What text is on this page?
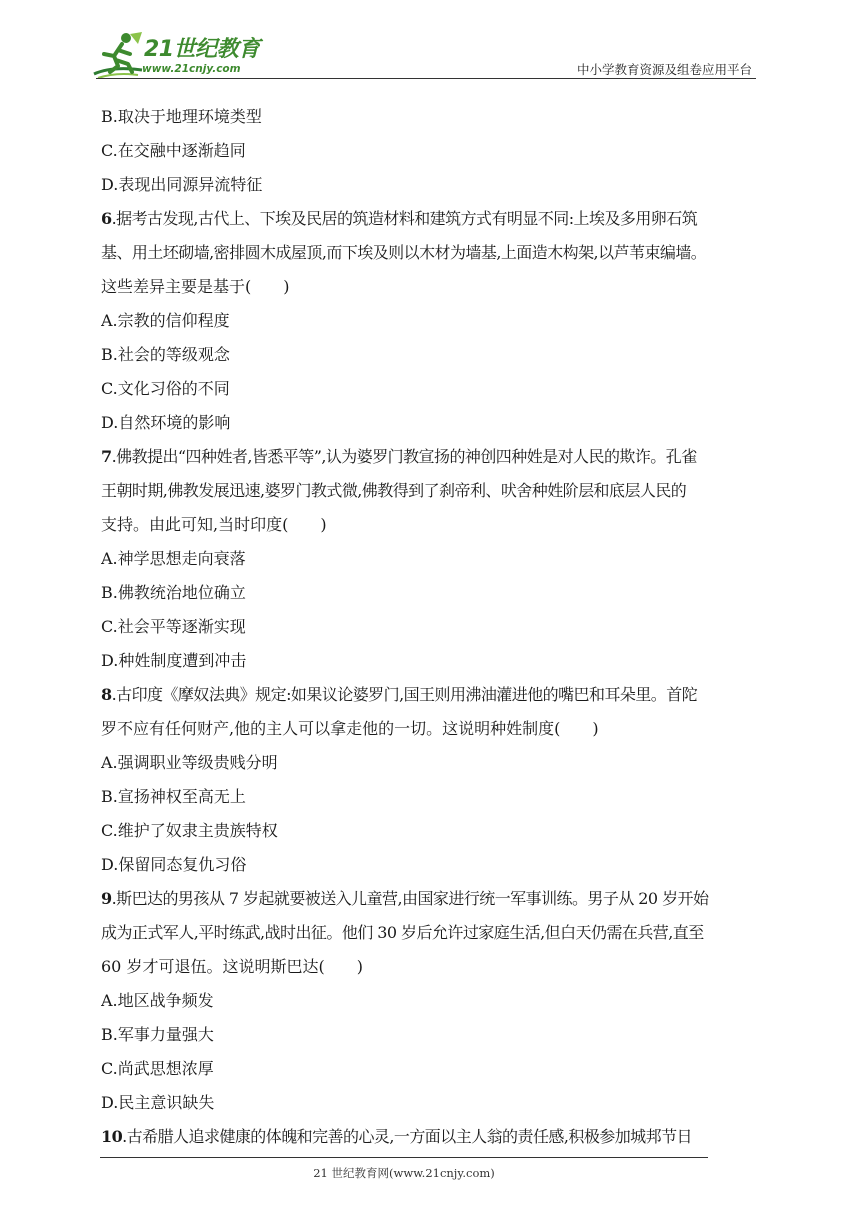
21世纪教育
www.21cnjy.com	中小学教育资源及组卷应用平台
B.取决于地理环境类型
C.在交融中逐渐趋同
D.表现出同源异流特征
6.据考古发现,古代上、下埃及民居的筑造材料和建筑方式有明显不同:上埃及多用卵石筑
基、用土坯砌墙,密排圆木成屋顶,而下埃及则以木材为墙基,上面造木构架,以芦苇束编墙。
这些差异主要是基于(　　)
A.宗教的信仰程度
B.社会的等级观念
C.文化习俗的不同
D.自然环境的影响
7.佛教提出“四种姓者,皆悉平等”,认为婆罗门教宣扬的神创四种姓是对人民的欺诈。孔雀
王朝时期,佛教发展迅速,婆罗门教式微,佛教得到了刹帝利、吠舍种姓阶层和底层人民的
支持。由此可知,当时印度(　　)
A.神学思想走向衰落
B.佛教统治地位确立
C.社会平等逐渐实现
D.种姓制度遭到冲击
8.古印度《摩奴法典》规定:如果议论婆罗门,国王则用沸油灌进他的嘴巴和耳朵里。首陀
罗不应有任何财产,他的主人可以拿走他的一切。这说明种姓制度(　　)
A.强调职业等级贵贱分明
B.宣扬神权至高无上
C.维护了奴隶主贵族特权
D.保留同态复仇习俗
9.斯巴达的男孩从 7 岁起就要被送入儿童营,由国家进行统一军事训练。男子从 20 岁开始
成为正式军人,平时练武,战时出征。他们 30 岁后允许过家庭生活,但白天仍需在兵营,直至
60 岁才可退伍。这说明斯巴达(　　)
A.地区战争频发
B.军事力量强大
C.尚武思想浓厚
D.民主意识缺失
10.古希腊人追求健康的体魄和完善的心灵,一方面以主人翁的责任感,积极参加城邦节日
21 世纪教育网(www.21cnjy.com)
